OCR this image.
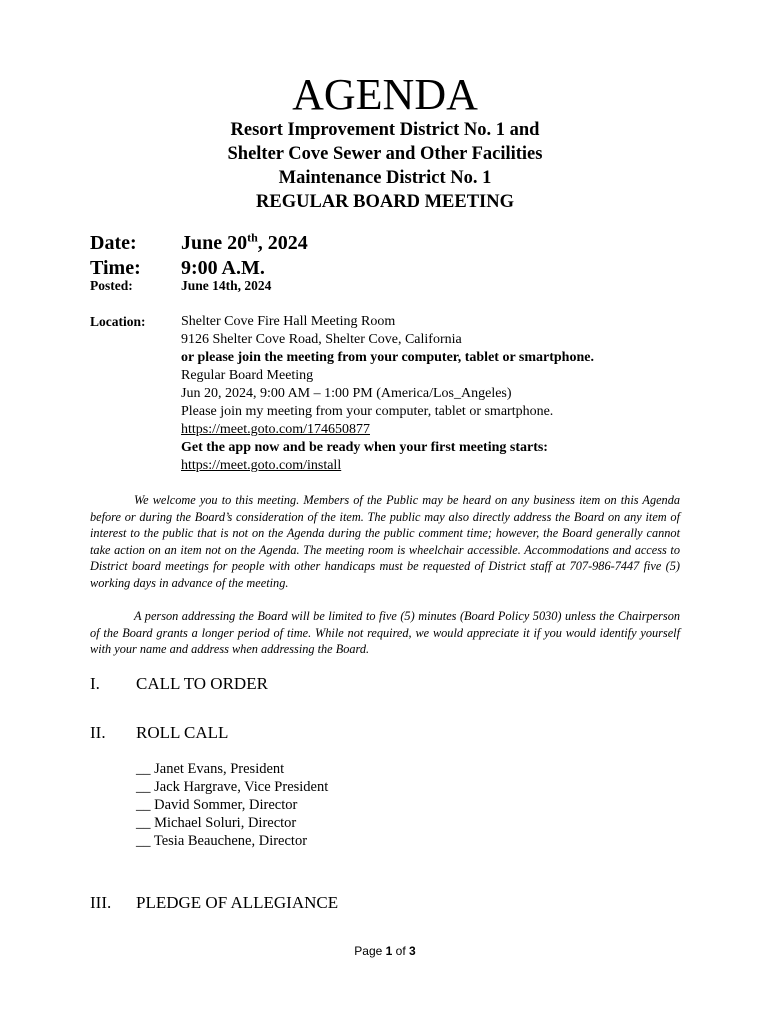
AGENDA
Resort Improvement District No. 1 and
Shelter Cove Sewer and Other Facilities
Maintenance District No. 1
REGULAR BOARD MEETING
Date: June 20th, 2024
Time: 9:00 A.M.
Posted:	June 14th, 2024
Location:	Shelter Cove Fire Hall Meeting Room
9126 Shelter Cove Road, Shelter Cove, California
or please join the meeting from your computer, tablet or smartphone.
Regular Board Meeting
Jun 20, 2024, 9:00 AM – 1:00 PM (America/Los_Angeles)
Please join my meeting from your computer, tablet or smartphone.
https://meet.goto.com/174650877
Get the app now and be ready when your first meeting starts:
https://meet.goto.com/install
We welcome you to this meeting. Members of the Public may be heard on any business item on this Agenda before or during the Board’s consideration of the item. The public may also directly address the Board on any item of interest to the public that is not on the Agenda during the public comment time; however, the Board generally cannot take action on an item not on the Agenda. The meeting room is wheelchair accessible. Accommodations and access to District board meetings for people with other handicaps must be requested of District staff at 707-986-7447 five (5) working days in advance of the meeting.
A person addressing the Board will be limited to five (5) minutes (Board Policy 5030) unless the Chairperson of the Board grants a longer period of time. While not required, we would appreciate it if you would identify yourself with your name and address when addressing the Board.
I. CALL TO ORDER
II. ROLL CALL
__ Janet Evans, President
__ Jack Hargrave, Vice President
__ David Sommer, Director
__ Michael Soluri, Director
__ Tesia Beauchene, Director
III. PLEDGE OF ALLEGIANCE
Page 1 of 3
